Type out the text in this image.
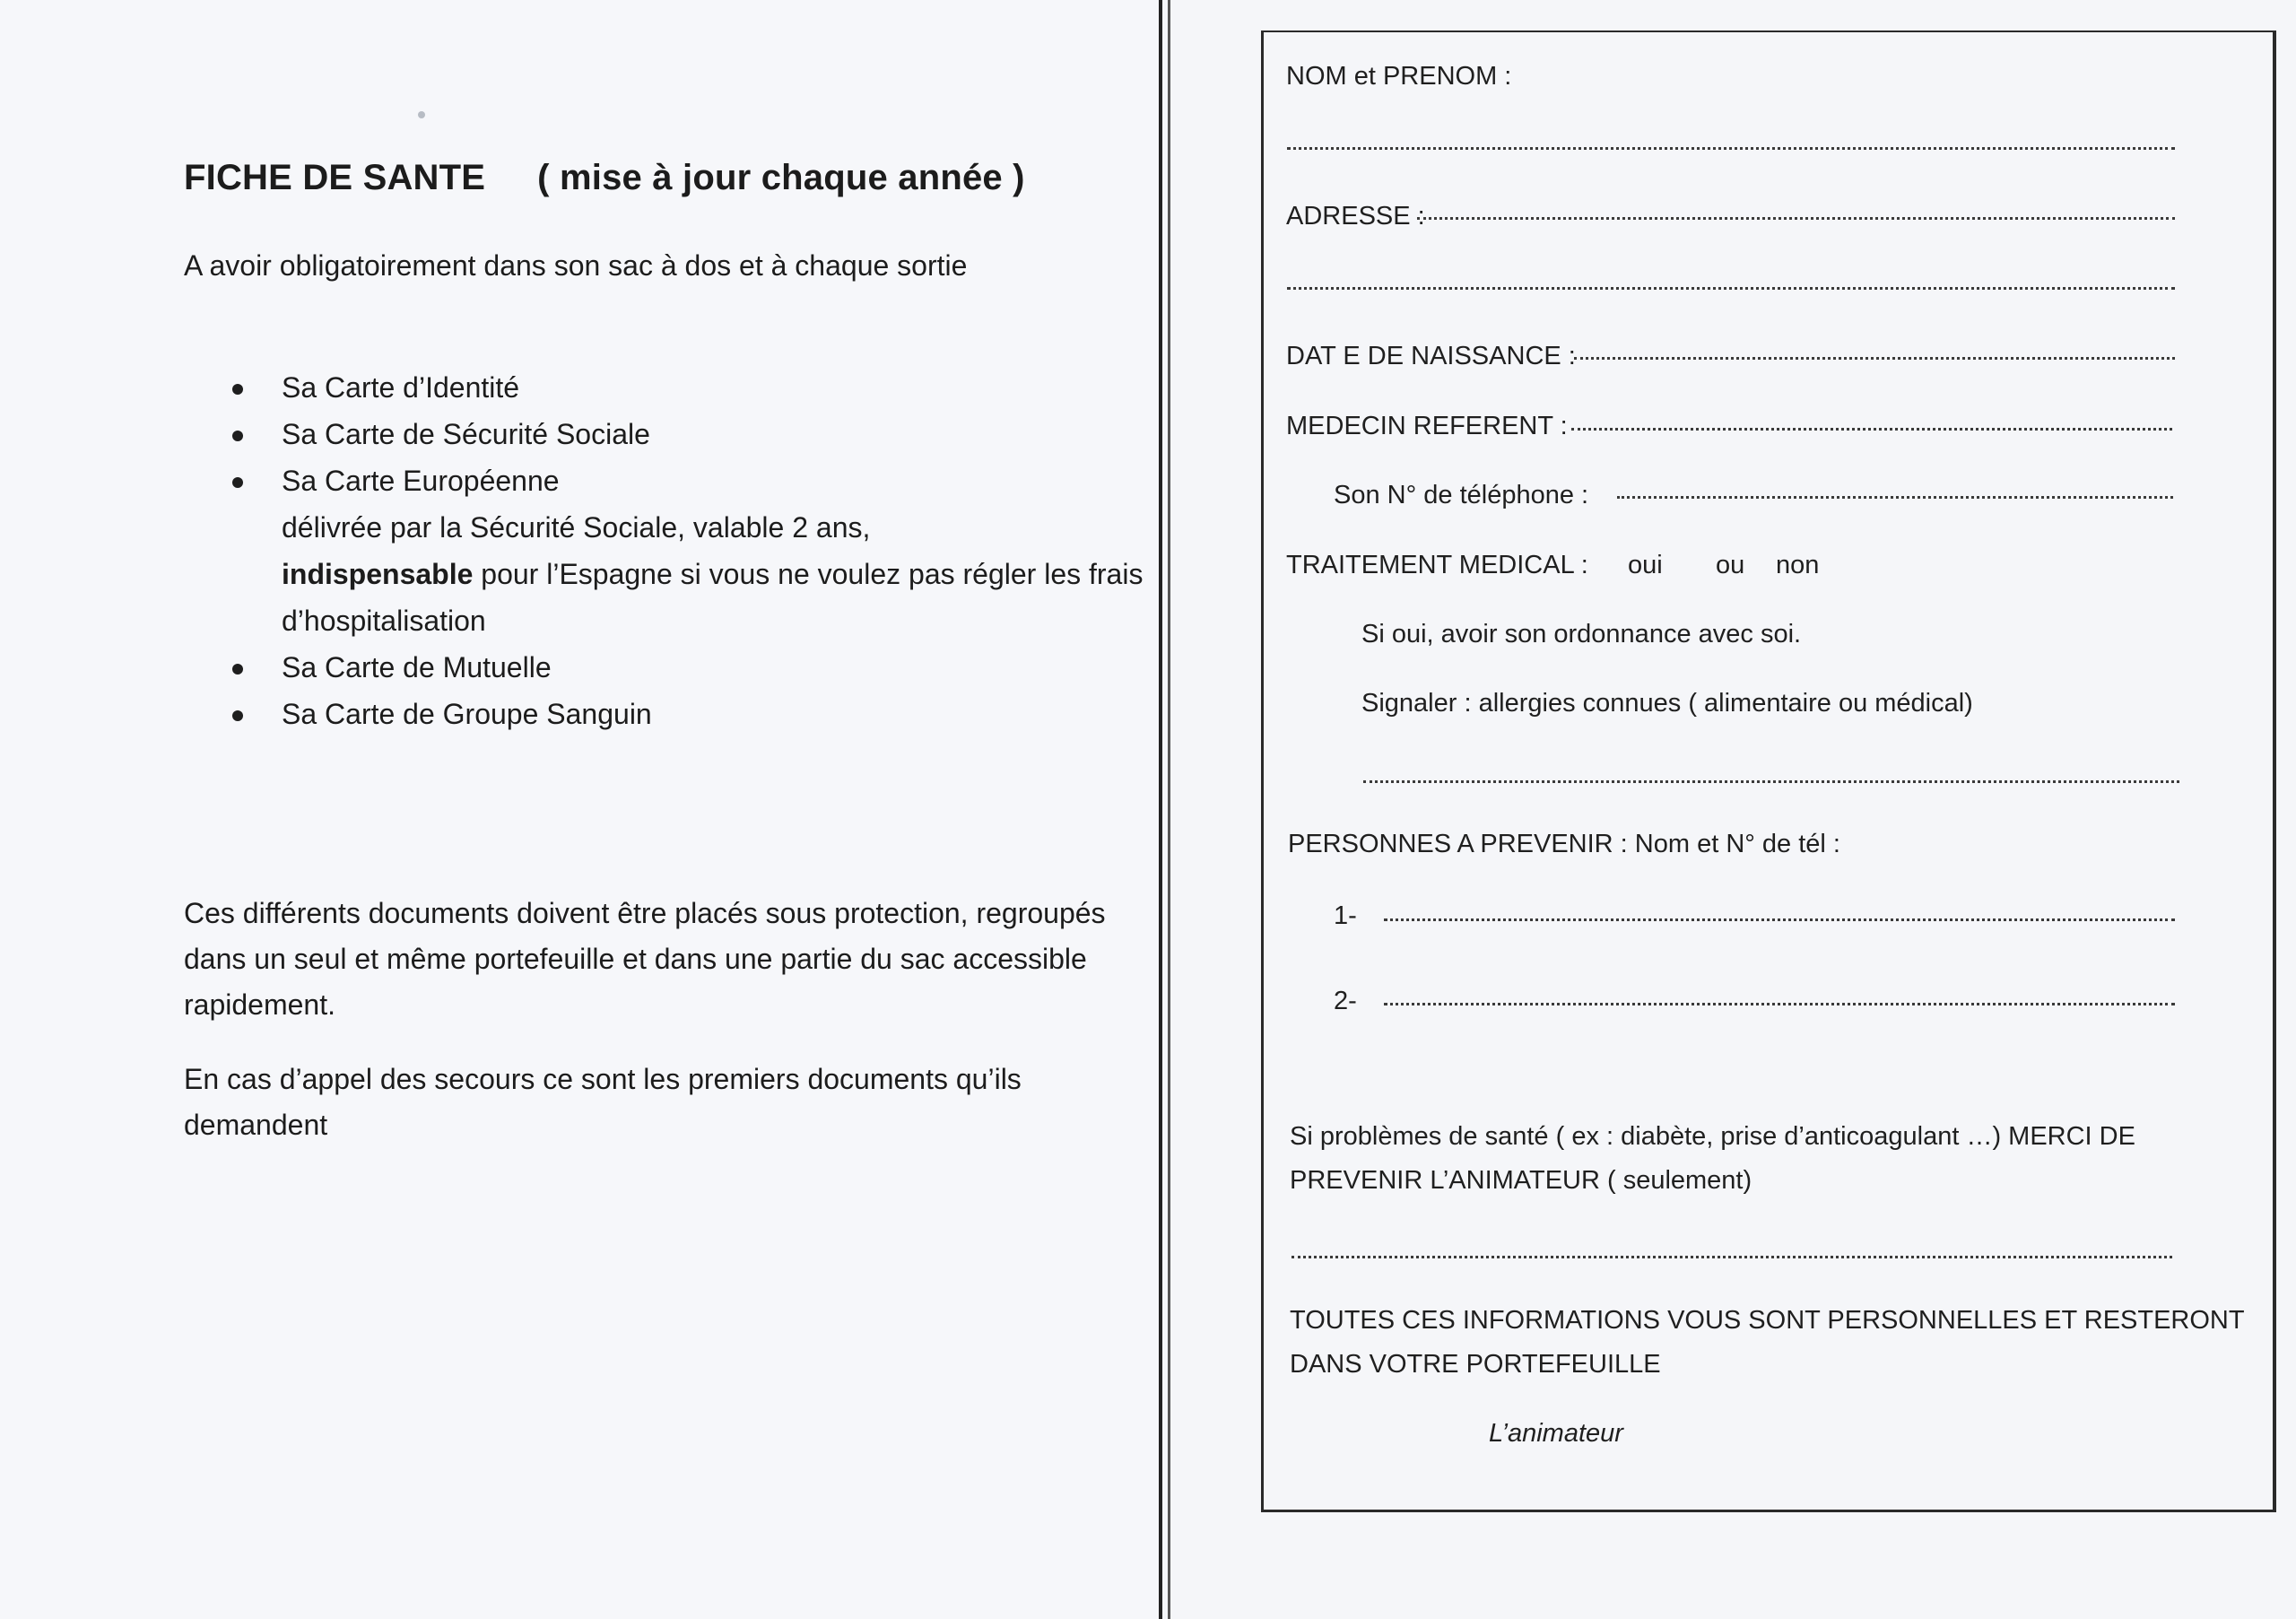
FICHE DE SANTE ( mise à jour chaque année )
A avoir obligatoirement dans son sac à dos et à chaque sortie
Sa Carte d’Identité
Sa Carte de Sécurité Sociale
Sa Carte Européenne
délivrée par la Sécurité Sociale, valable 2 ans,
indispensable pour l’Espagne si vous ne voulez pas régler les frais
d’hospitalisation
Sa Carte de Mutuelle
Sa Carte de Groupe Sanguin

Ces différents documents doivent être placés sous protection, regroupés dans un seul et même portefeuille et dans une partie du sac accessible rapidement.

En cas d’appel des secours ce sont les premiers documents qu’ils demandent

NOM et PRENOM :
ADRESSE :
DAT E DE NAISSANCE :
MEDECIN REFERENT :
Son N° de téléphone :
TRAITEMENT MEDICAL : oui ou non
Si oui, avoir son ordonnance avec soi.
Signaler : allergies connues ( alimentaire ou médical)
PERSONNES A PREVENIR : Nom et N° de tél :
1-
2-
Si problèmes de santé ( ex : diabète, prise d’anticoagulant …) MERCI DE
PREVENIR L’ANIMATEUR ( seulement)
TOUTES CES INFORMATIONS VOUS SONT PERSONNELLES ET RESTERONT
DANS VOTRE PORTEFEUILLE
L’animateur
